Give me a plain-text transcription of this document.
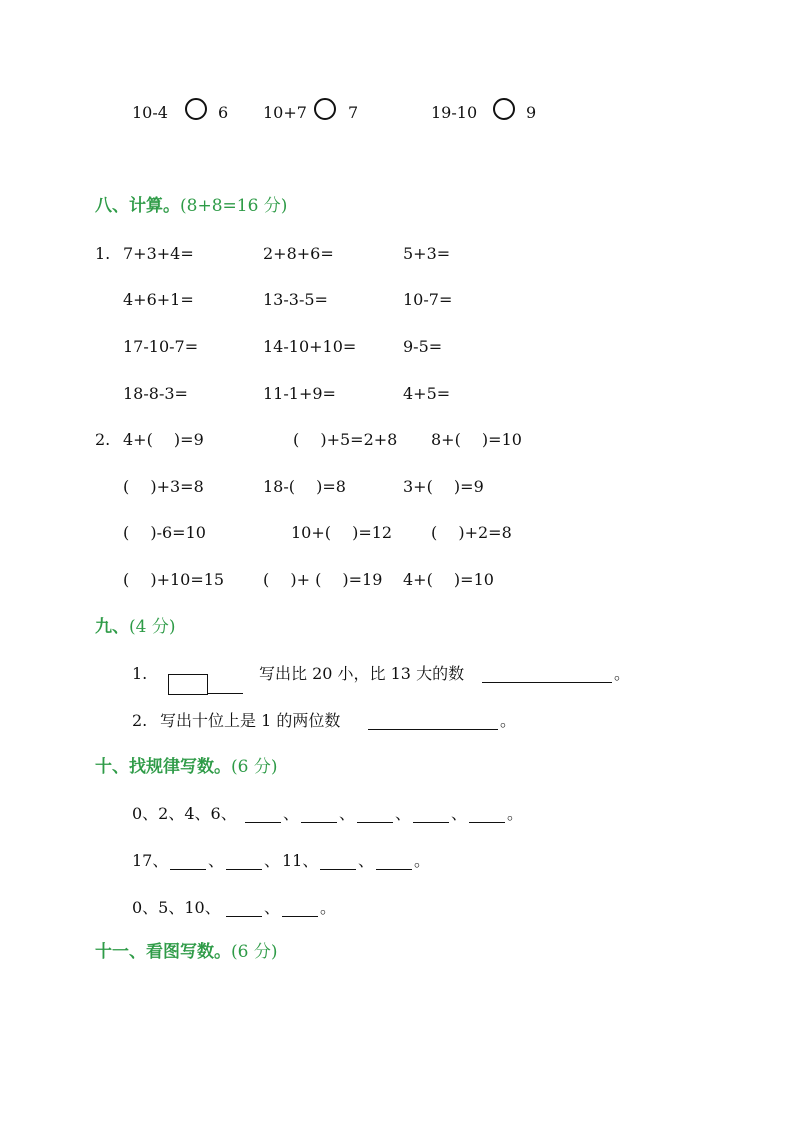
10-4	6 10+7	7	19-10	9
八、计算。(8+8=16 分)
1. 7+3+4=	2+8+6=	5+3=
4+6+1=	13-3-5=	10-7=
17-10-7=	14-10+10=	9-5=
18-8-3=	11-1+9=	4+5=
2. 4+(　 )=9	(　 )+5=2+8 8+(　 )=10
(　 )+3=8	18-(　 )=8	3+(　 )=9
(　 )-6=10	10+(　 )=12 (　 )+2=8
(　 )+10=15 (　 )+ (　 )=19 4+(　 )=10
九、(4 分)
1.	写出比 20 小，比 13 大的数	。
2. 写出十位上是 1 的两位数	。
十、找规律写数。(6 分)
0、2、4、6、	、 、 、 、 。
17、 、 、 11、 、 。
0、5、10、	、 。
十一、看图写数。(6 分)
